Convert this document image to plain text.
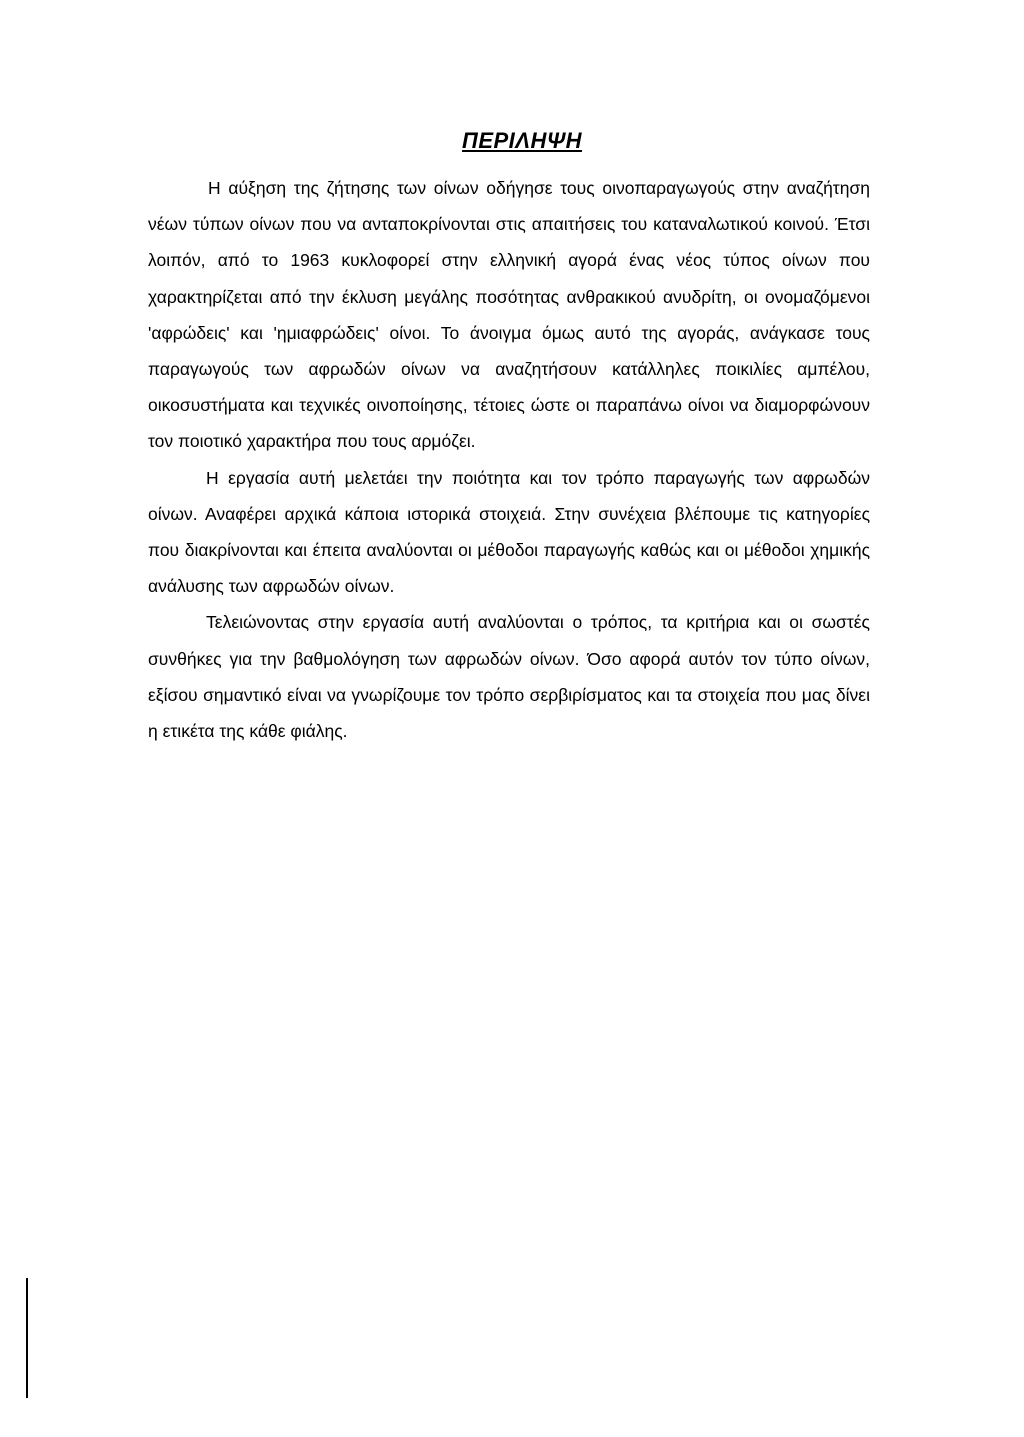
ΠΕΡΙΛΗΨΗ

Η αύξηση της ζήτησης των οίνων οδήγησε τους οινοπαραγωγούς στην αναζήτηση νέων τύπων οίνων που να ανταποκρίνονται στις απαιτήσεις του καταναλωτικού κοινού. Έτσι λοιπόν, από το 1963 κυκλοφορεί στην ελληνική αγορά ένας νέος τύπος οίνων που χαρακτηρίζεται από την έκλυση μεγάλης ποσότητας ανθρακικού ανυδρίτη, οι ονομαζόμενοι 'αφρώδεις' και 'ημιαφρώδεις' οίνοι. Το άνοιγμα όμως αυτό της αγοράς, ανάγκασε τους παραγωγούς των αφρωδών οίνων να αναζητήσουν κατάλληλες ποικιλίες αμπέλου, οικοσυστήματα και τεχνικές οινοποίησης, τέτοιες ώστε οι παραπάνω οίνοι να διαμορφώνουν τον ποιοτικό χαρακτήρα που τους αρμόζει.

Η εργασία αυτή μελετάει την ποιότητα και τον τρόπο παραγωγής των αφρωδών οίνων. Αναφέρει αρχικά κάποια ιστορικά στοιχειά. Στην συνέχεια βλέπουμε τις κατηγορίες που διακρίνονται και έπειτα αναλύονται οι μέθοδοι παραγωγής καθώς και οι μέθοδοι χημικής ανάλυσης των αφρωδών οίνων.

Τελειώνοντας στην εργασία αυτή αναλύονται ο τρόπος, τα κριτήρια και οι σωστές συνθήκες για την βαθμολόγηση των αφρωδών οίνων. Όσο αφορά αυτόν τον τύπο οίνων, εξίσου σημαντικό είναι να γνωρίζουμε τον τρόπο σερβιρίσματος και τα στοιχεία που μας δίνει η ετικέτα της κάθε φιάλης.
